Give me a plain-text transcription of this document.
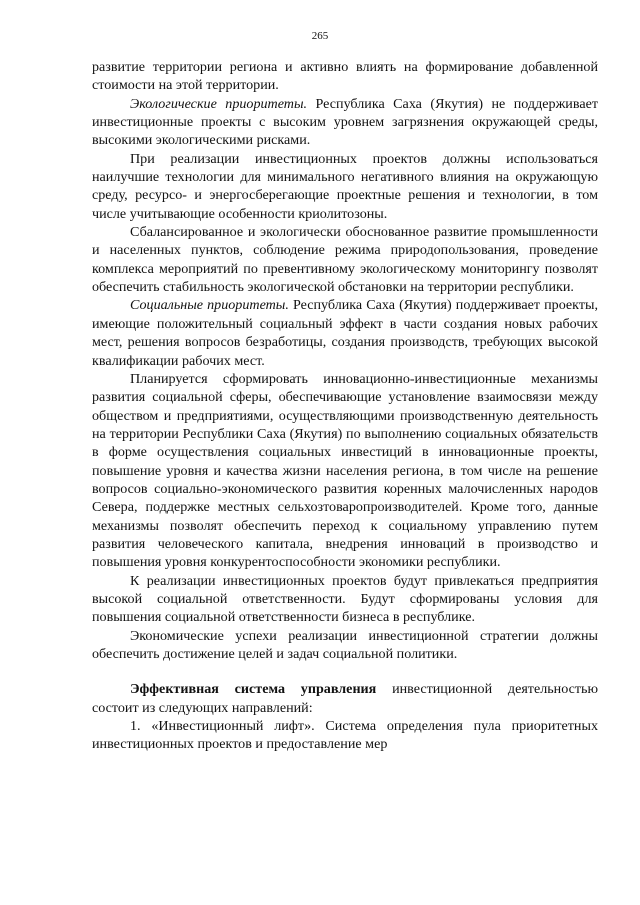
265

развитие территории региона и активно влиять на формирование добавленной стоимости на этой территории.

Экологические приоритеты. Республика Саха (Якутия) не поддерживает инвестиционные проекты с высоким уровнем загрязнения окружающей среды, высокими экологическими рисками.

При реализации инвестиционных проектов должны использоваться наилучшие технологии для минимального негативного влияния на окружающую среду, ресурсо- и энергосберегающие проектные решения и технологии, в том числе учитывающие особенности криолитозоны.

Сбалансированное и экологически обоснованное развитие промышленности и населенных пунктов, соблюдение режима природопользования, проведение комплекса мероприятий по превентивному экологическому мониторингу позволят обеспечить стабильность экологической обстановки на территории республики.

Социальные приоритеты. Республика Саха (Якутия) поддерживает проекты, имеющие положительный социальный эффект в части создания новых рабочих мест, решения вопросов безработицы, создания производств, требующих высокой квалификации рабочих мест.

Планируется сформировать инновационно-инвестиционные механизмы развития социальной сферы, обеспечивающие установление взаимосвязи между обществом и предприятиями, осуществляющими производственную деятельность на территории Республики Саха (Якутия) по выполнению социальных обязательств в форме осуществления социальных инвестиций в инновационные проекты, повышение уровня и качества жизни населения региона, в том числе на решение вопросов социально-экономического развития коренных малочисленных народов Севера, поддержке местных сельхозтоваропроизводителей. Кроме того, данные механизмы позволят обеспечить переход к социальному управлению путем развития человеческого капитала, внедрения инноваций в производство и повышения уровня конкурентоспособности экономики республики.

К реализации инвестиционных проектов будут привлекаться предприятия высокой социальной ответственности. Будут сформированы условия для повышения социальной ответственности бизнеса в республике.

Экономические успехи реализации инвестиционной стратегии должны обеспечить достижение целей и задач социальной политики.

Эффективная система управления инвестиционной деятельностью состоит из следующих направлений:

1. «Инвестиционный лифт». Система определения пула приоритетных инвестиционных проектов и предоставление мер
